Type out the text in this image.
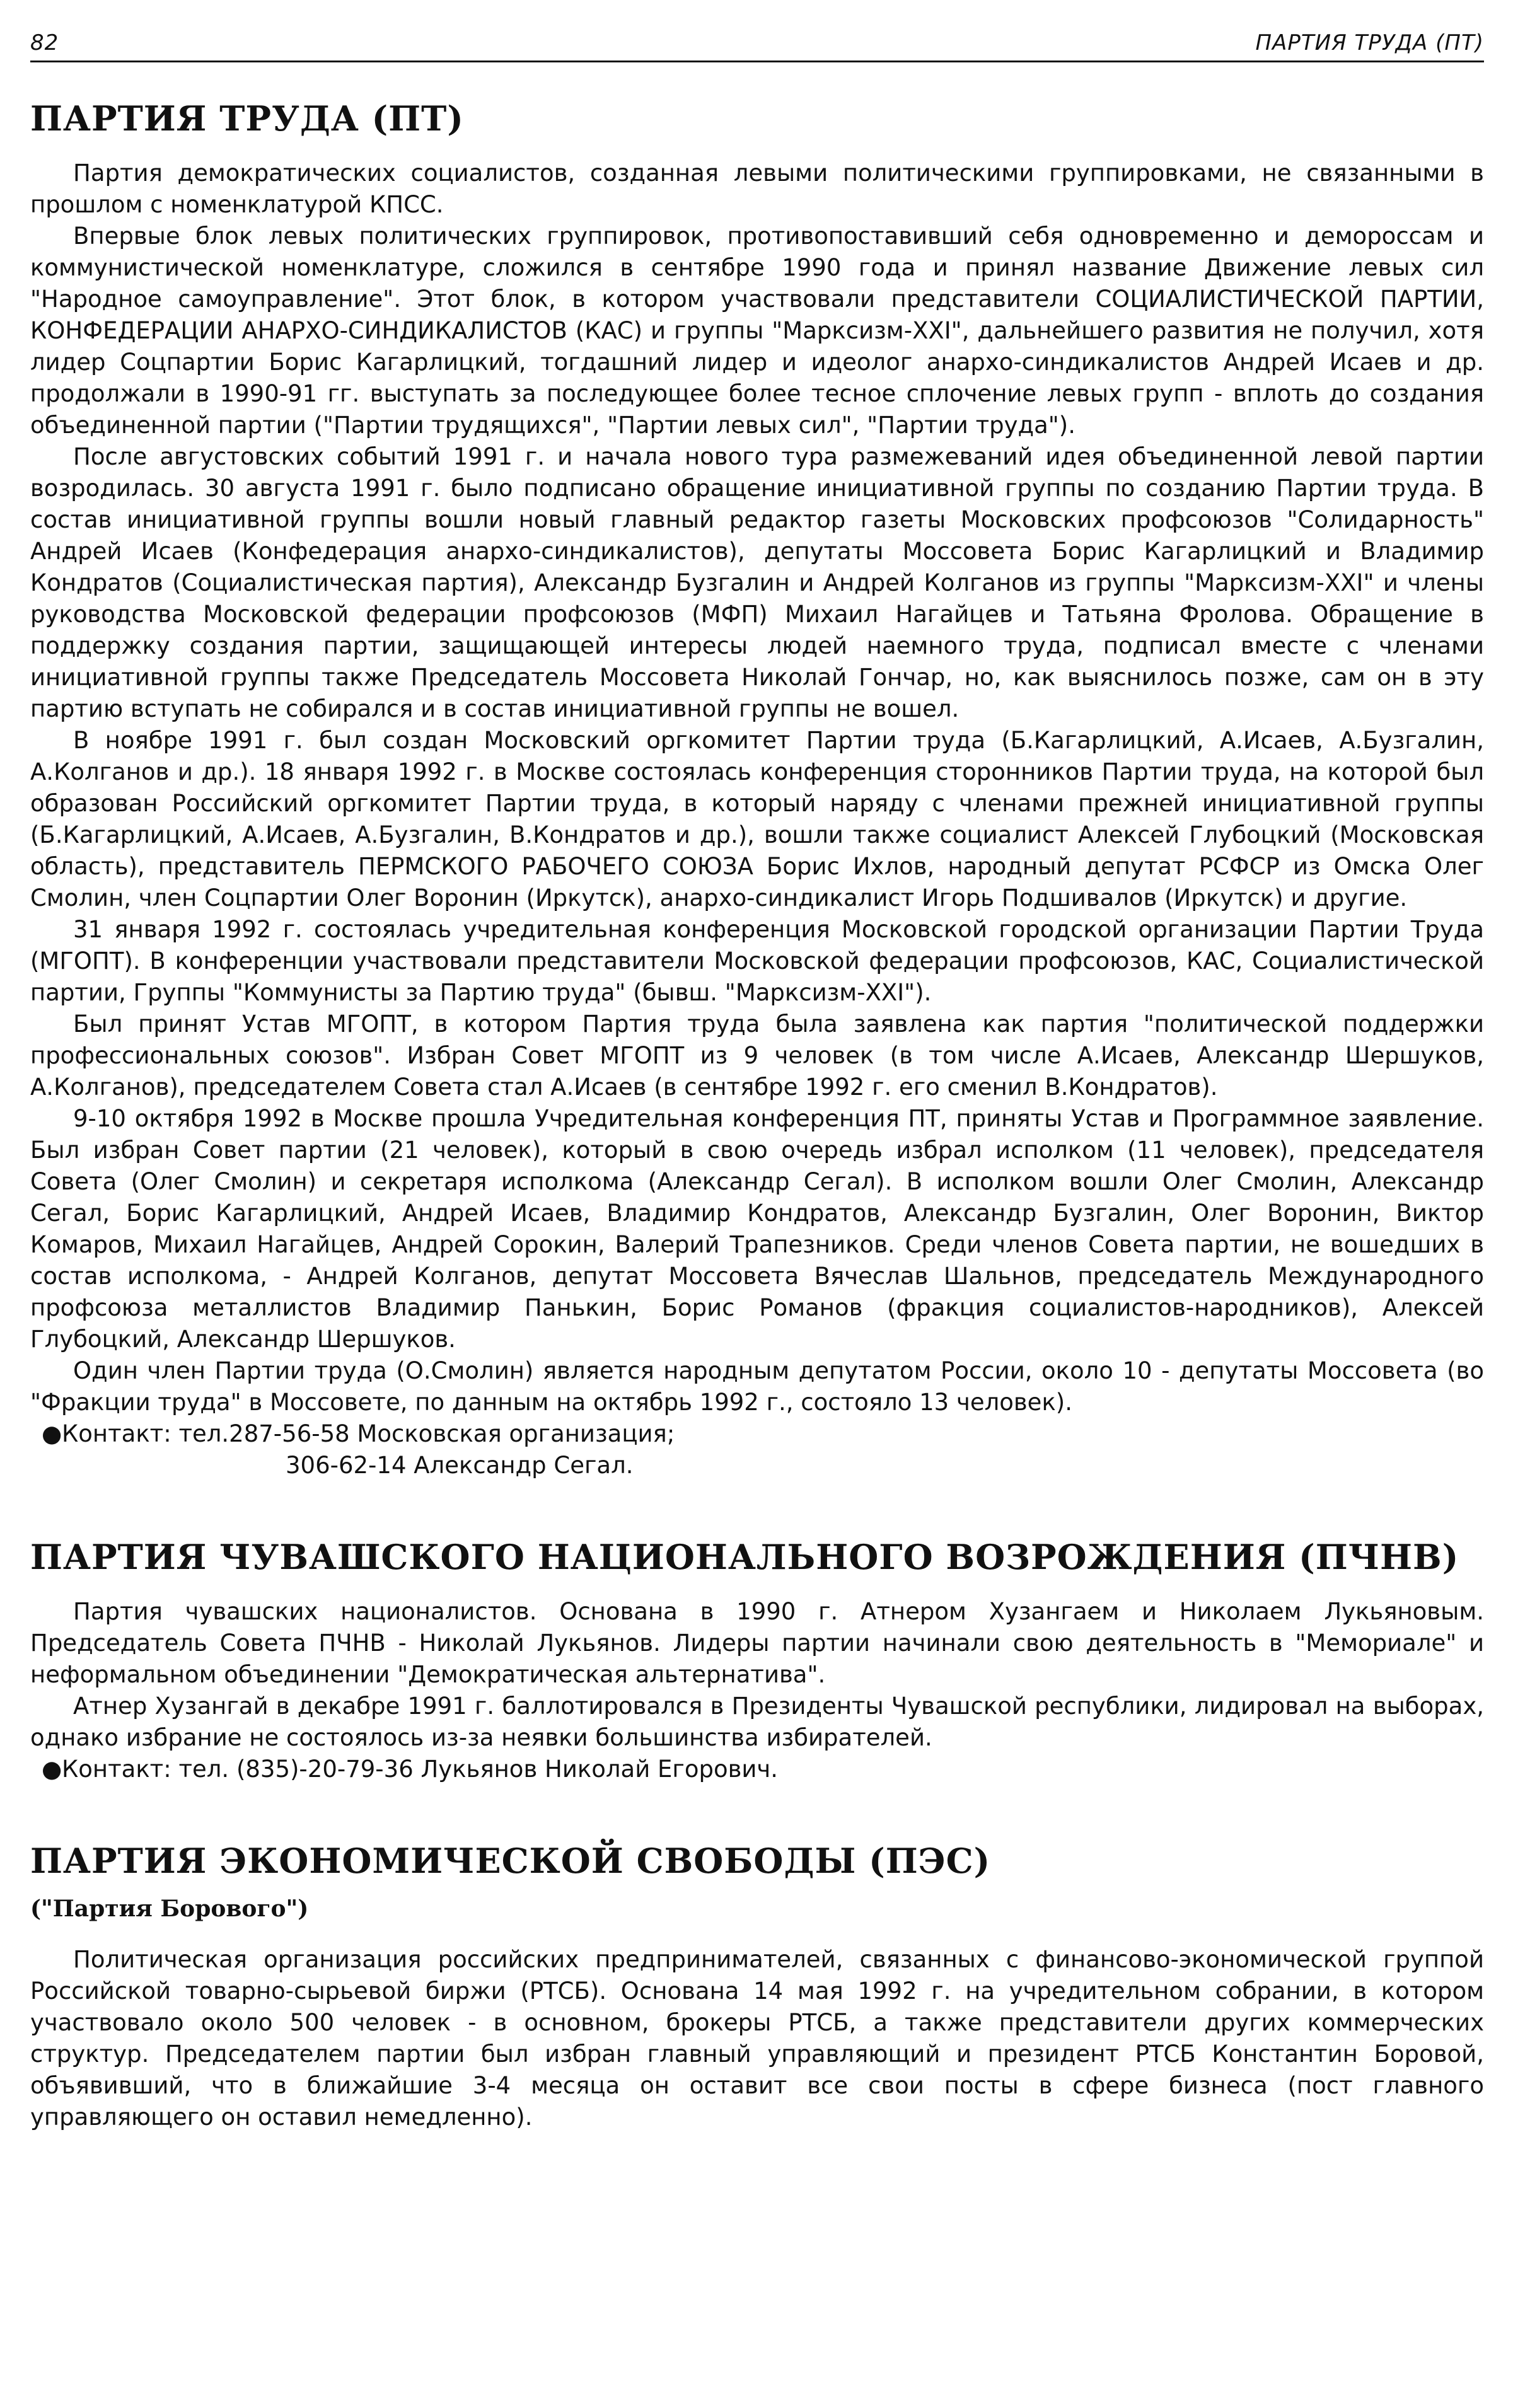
82	ПАРТИЯ ТРУДА (ПТ)
ПАРТИЯ ТРУДА (ПТ)

Партия демократических социалистов, созданная левыми политическими группировками, не связанными в прошлом с номенклатурой КПСС.

Впервые блок левых политических группировок, противопоставивший себя одновременно и демороссам и коммунистической номенклатуре, сложился в сентябре 1990 года и принял название Движение левых сил "Народное самоуправление". Этот блок, в котором участвовали представители СОЦИАЛИСТИЧЕСКОЙ ПАРТИИ, КОНФЕДЕРАЦИИ АНАРХО-СИНДИКАЛИСТОВ (КАС) и группы "Марксизм-XXI", дальнейшего развития не получил, хотя лидер Соцпартии Борис Кагарлицкий, тогдашний лидер и идеолог анархо-синдикалистов Андрей Исаев и др. продолжали в 1990-91 гг. выступать за последующее более тесное сплочение левых групп - вплоть до создания объединенной партии ("Партии трудящихся", "Партии левых сил", "Партии труда").

После августовских событий 1991 г. и начала нового тура размежеваний идея объединенной левой партии возродилась. 30 августа 1991 г. было подписано обращение инициативной группы по созданию Партии труда. В состав инициативной группы вошли новый главный редактор газеты Московских профсоюзов "Солидарность" Андрей Исаев (Конфедерация анархо-синдикалистов), депутаты Моссовета Борис Кагарлицкий и Владимир Кондратов (Социалистическая партия), Александр Бузгалин и Андрей Колганов из группы "Марксизм-XXI" и члены руководства Московской федерации профсоюзов (МФП) Михаил Нагайцев и Татьяна Фролова. Обращение в поддержку создания партии, защищающей интересы людей наемного труда, подписал вместе с членами инициативной группы также Председатель Моссовета Николай Гончар, но, как выяснилось позже, сам он в эту партию вступать не собирался и в состав инициативной группы не вошел.

В ноябре 1991 г. был создан Московский оргкомитет Партии труда (Б.Кагарлицкий, А.Исаев, А.Бузгалин, А.Колганов и др.). 18 января 1992 г. в Москве состоялась конференция сторонников Партии труда, на которой был образован Российский оргкомитет Партии труда, в который наряду с членами прежней инициативной группы (Б.Кагарлицкий, А.Исаев, А.Бузгалин, В.Кондратов и др.), вошли также социалист Алексей Глубоцкий (Московская область), представитель ПЕРМСКОГО РАБОЧЕГО СОЮЗА Борис Ихлов, народный депутат РСФСР из Омска Олег Смолин, член Соцпартии Олег Воронин (Иркутск), анархо-синдикалист Игорь Подшивалов (Иркутск) и другие.

31 января 1992 г. состоялась учредительная конференция Московской городской организации Партии Труда (МГОПТ). В конференции участвовали представители Московской федерации профсоюзов, КАС, Социалистической партии, Группы "Коммунисты за Партию труда" (бывш. "Марксизм-XXI").

Был принят Устав МГОПТ, в котором Партия труда была заявлена как партия "политической поддержки профессиональных союзов". Избран Совет МГОПТ из 9 человек (в том числе А.Исаев, Александр Шершуков, А.Колганов), председателем Совета стал А.Исаев (в сентябре 1992 г. его сменил В.Кондратов).

9-10 октября 1992 в Москве прошла Учредительная конференция ПТ, приняты Устав и Программное заявление. Был избран Совет партии (21 человек), который в свою очередь избрал исполком (11 человек), председателя Совета (Олег Смолин) и секретаря исполкома (Александр Сегал). В исполком вошли Олег Смолин, Александр Сегал, Борис Кагарлицкий, Андрей Исаев, Владимир Кондратов, Александр Бузгалин, Олег Воронин, Виктор Комаров, Михаил Нагайцев, Андрей Сорокин, Валерий Трапезников. Среди членов Совета партии, не вошедших в состав исполкома, - Андрей Колганов, депутат Моссовета Вячеслав Шальнов, председатель Международного профсоюза металлистов Владимир Панькин, Борис Романов (фракция социалистов-народников), Алексей Глубоцкий, Александр Шершуков.

Один член Партии труда (О.Смолин) является народным депутатом России, около 10 - депутаты Моссовета (во "Фракции труда" в Моссовете, по данным на октябрь 1992 г., состояло 13 человек).

●Контакт: тел.287-56-58 Московская организация;
306-62-14 Александр Сегал.
ПАРТИЯ ЧУВАШСКОГО НАЦИОНАЛЬНОГО ВОЗРОЖДЕНИЯ (ПЧНВ)

Партия чувашских националистов. Основана в 1990 г. Атнером Хузангаем и Николаем Лукьяновым. Председатель Совета ПЧНВ - Николай Лукьянов. Лидеры партии начинали свою деятельность в "Мемориале" и неформальном объединении "Демократическая альтернатива".

Атнер Хузангай в декабре 1991 г. баллотировался в Президенты Чувашской республики, лидировал на выборах, однако избрание не состоялось из-за неявки большинства избирателей.

●Контакт: тел. (835)-20-79-36 Лукьянов Николай Егорович.
ПАРТИЯ ЭКОНОМИЧЕСКОЙ СВОБОДЫ (ПЭС)
("Партия Борового")

Политическая организация российских предпринимателей, связанных с финансово-экономической группой Российской товарно-сырьевой биржи (РТСБ). Основана 14 мая 1992 г. на учредительном собрании, в котором участвовало около 500 человек - в основном, брокеры РТСБ, а также представители других коммерческих структур. Председателем партии был избран главный управляющий и президент РТСБ Константин Боровой, объявивший, что в ближайшие 3-4 месяца он оставит все свои посты в сфере бизнеса (пост главного управляющего он оставил немедленно).
